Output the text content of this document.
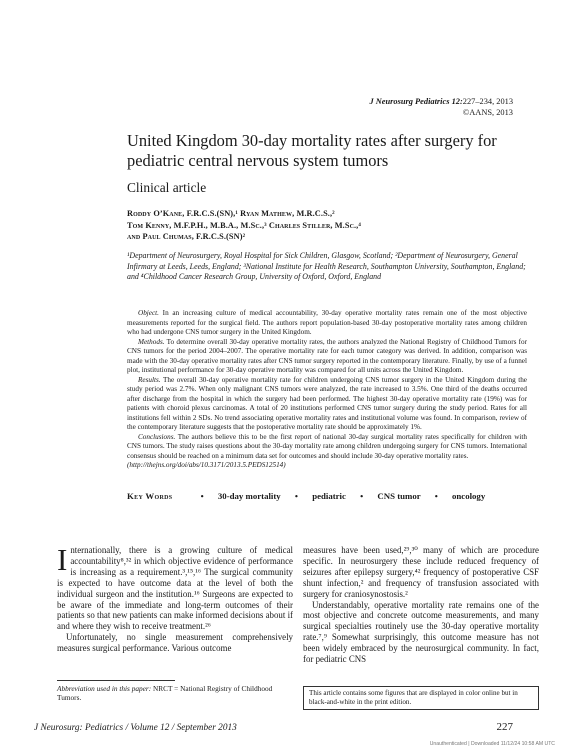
J Neurosurg Pediatrics 12:227–234, 2013
©AANS, 2013
United Kingdom 30-day mortality rates after surgery for pediatric central nervous system tumors
Clinical article
Roddy O’Kane, F.R.C.S.(SN),¹ Ryan Mathew, M.R.C.S.,²
Tom Kenny, M.F.P.H., M.B.A., M.Sc.,³ Charles Stiller, M.Sc.,⁴
and Paul Chumas, F.R.C.S.(SN)²
¹Department of Neurosurgery, Royal Hospital for Sick Children, Glasgow, Scotland; ²Department of Neurosurgery, General Infirmary at Leeds, Leeds, England; ³National Institute for Health Research, Southampton University, Southampton, England; and ⁴Childhood Cancer Research Group, University of Oxford, Oxford, England

Object. In an increasing culture of medical accountability, 30-day operative mortality rates remain one of the most objective measurements reported for the surgical field. The authors report population-based 30-day postoperative mortality rates among children who had undergone CNS tumor surgery in the United Kingdom.

Methods. To determine overall 30-day operative mortality rates, the authors analyzed the National Registry of Childhood Tumors for CNS tumors for the period 2004–2007. The operative mortality rate for each tumor category was derived. In addition, comparison was made with the 30-day operative mortality rates after CNS tumor surgery reported in the contemporary literature. Finally, by use of a funnel plot, institutional performance for 30-day operative mortality was compared for all units across the United Kingdom.

Results. The overall 30-day operative mortality rate for children undergoing CNS tumor surgery in the United Kingdom during the study period was 2.7%. When only malignant CNS tumors were analyzed, the rate increased to 3.5%. One third of the deaths occurred after discharge from the hospital in which the surgery had been performed. The highest 30-day operative mortality rate (19%) was for patients with choroid plexus carcinomas. A total of 20 institutions performed CNS tumor surgery during the study period. Rates for all institutions fell within 2 SDs. No trend associating operative mortality rates and institutional volume was found. In comparison, review of the contemporary literature suggests that the postoperative mortality rate should be approximately 1%.

Conclusions. The authors believe this to be the first report of national 30-day surgical mortality rates specifically for children with CNS tumors. The study raises questions about the 30-day mortality rate among children undergoing surgery for CNS tumors. International consensus should be reached on a minimum data set for outcomes and should include 30-day operative mortality rates.

(http://thejns.org/doi/abs/10.3171/2013.5.PEDS12514)

Key Words	• 30-day mortality • pediatric • CNS tumor • oncology

Internationally, there is a growing culture of medical accountability⁸,³² in which objective evidence of performance is increasing as a requirement.³,¹⁵,¹⁶ The surgical community is expected to have outcome data at the level of both the individual surgeon and the institution.¹⁶ Surgeons are expected to be aware of the immediate and long-term outcomes of their patients so that new patients can make informed decisions about if and where they wish to receive treatment.²⁶

Unfortunately, no single measurement comprehensively measures surgical performance. Various outcome

measures have been used,²⁹,³⁰ many of which are procedure specific. In neurosurgery these include reduced frequency of seizures after epilepsy surgery,⁴² frequency of postoperative CSF shunt infection,² and frequency of transfusion associated with surgery for craniosynostosis.²

Understandably, operative mortality rate remains one of the most objective and concrete outcome measurements, and many surgical specialties routinely use the 30-day operative mortality rate.⁷,⁹ Somewhat surprisingly, this outcome measure has not been widely embraced by the neurosurgical community. In fact, for pediatric CNS

Abbreviation used in this paper: NRCT = National Registry of Childhood Tumors.
This article contains some figures that are displayed in color online but in black-and-white in the print edition.
J Neurosurg: Pediatrics / Volume 12 / September 2013	227
Unauthenticated | Downloaded 11/12/24 10:58 AM UTC
